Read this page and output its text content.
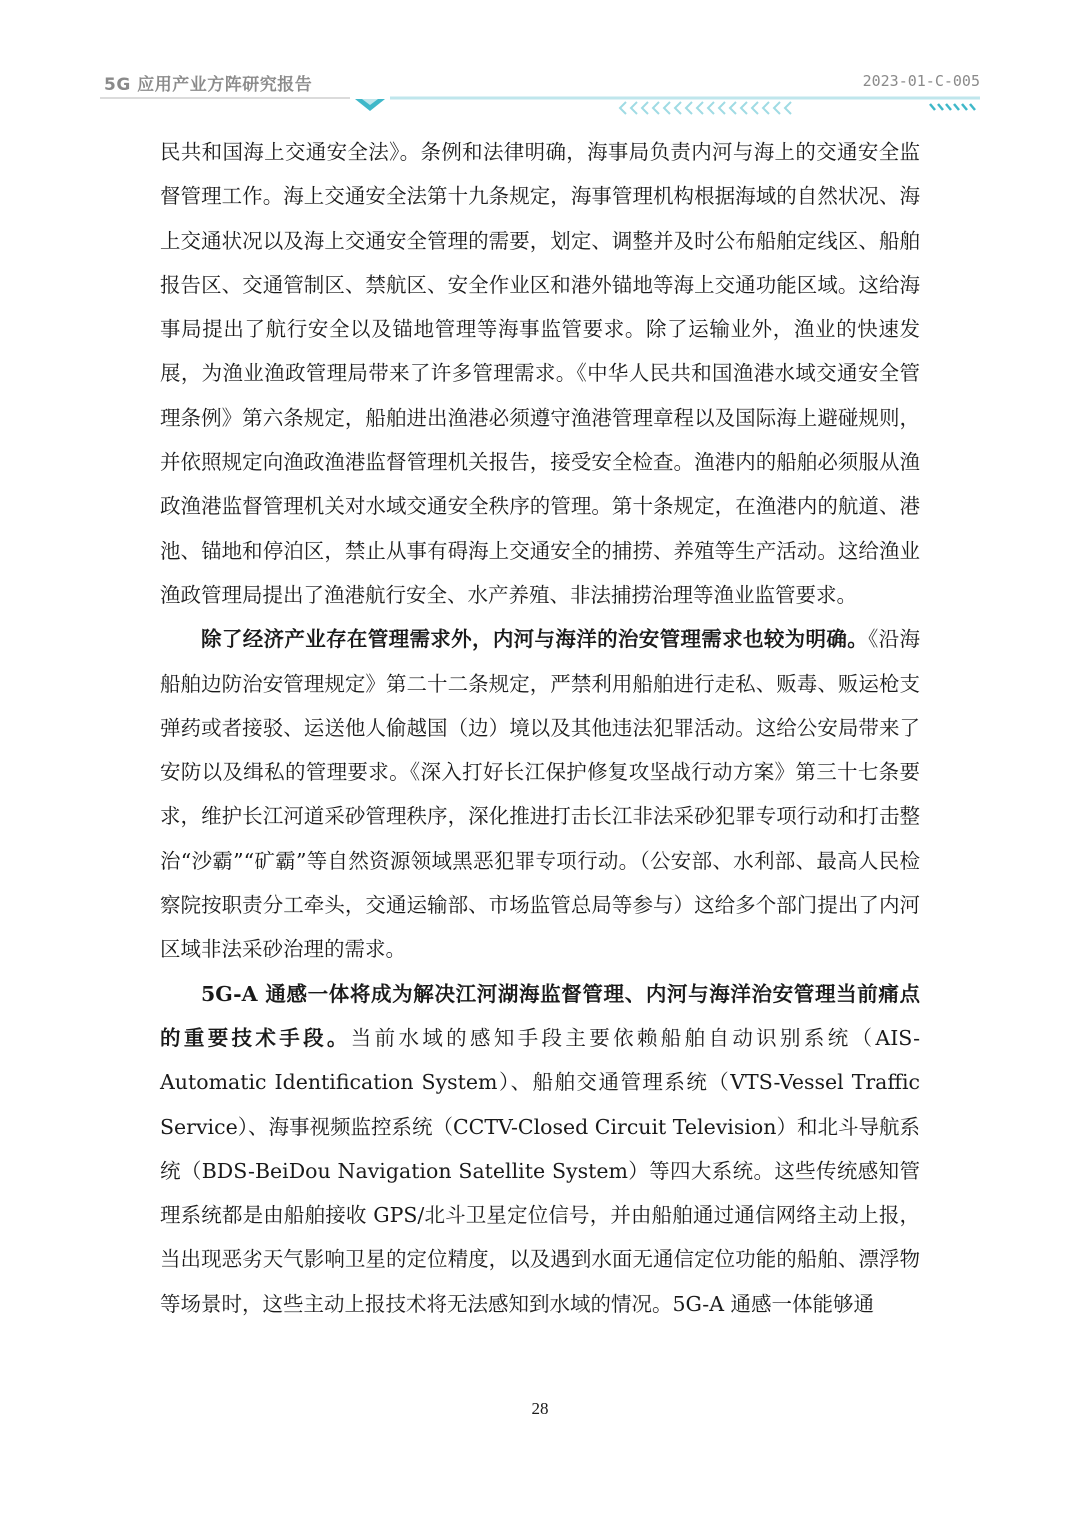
5G 应用产业方阵研究报告	2023-01-C-005

民共和国海上交通安全法》。条例和法律明确，海事局负责内河与海上的交通安全监督管理工作。海上交通安全法第十九条规定，海事管理机构根据海域的自然状况、海上交通状况以及海上交通安全管理的需要，划定、调整并及时公布船舶定线区、船舶报告区、交通管制区、禁航区、安全作业区和港外锚地等海上交通功能区域。这给海事局提出了航行安全以及锚地管理等海事监管要求。除了运输业外，渔业的快速发展，为渔业渔政管理局带来了许多管理需求。《中华人民共和国渔港水域交通安全管理条例》第六条规定，船舶进出渔港必须遵守渔港管理章程以及国际海上避碰规则，并依照规定向渔政渔港监督管理机关报告，接受安全检查。渔港内的船舶必须服从渔政渔港监督管理机关对水域交通安全秩序的管理。第十条规定，在渔港内的航道、港池、锚地和停泊区，禁止从事有碍海上交通安全的捕捞、养殖等生产活动。这给渔业渔政管理局提出了渔港航行安全、水产养殖、非法捕捞治理等渔业监管要求。

除了经济产业存在管理需求外，内河与海洋的治安管理需求也较为明确。《沿海船舶边防治安管理规定》第二十二条规定，严禁利用船舶进行走私、贩毒、贩运枪支弹药或者接驳、运送他人偷越国（边）境以及其他违法犯罪活动。这给公安局带来了安防以及缉私的管理要求。《深入打好长江保护修复攻坚战行动方案》第三十七条要求，维护长江河道采砂管理秩序，深化推进打击长江非法采砂犯罪专项行动和打击整治“沙霸”“矿霸”等自然资源领域黑恶犯罪专项行动。（公安部、水利部、最高人民检察院按职责分工牵头，交通运输部、市场监管总局等参与）这给多个部门提出了内河区域非法采砂治理的需求。

5G-A 通感一体将成为解决江河湖海监督管理、内河与海洋治安管理当前痛点的重要技术手段。当前水域的感知手段主要依赖船舶自动识别系统（AIS-Automatic Identification System）、船舶交通管理系统（VTS-Vessel Traffic Service）、海事视频监控系统（CCTV-Closed Circuit Television）和北斗导航系统（BDS-BeiDou Navigation Satellite System）等四大系统。这些传统感知管理系统都是由船舶接收 GPS/北斗卫星定位信号，并由船舶通过通信网络主动上报，当出现恶劣天气影响卫星的定位精度，以及遇到水面无通信定位功能的船舶、漂浮物等场景时，这些主动上报技术将无法感知到水域的情况。5G-A 通感一体能够通

28
